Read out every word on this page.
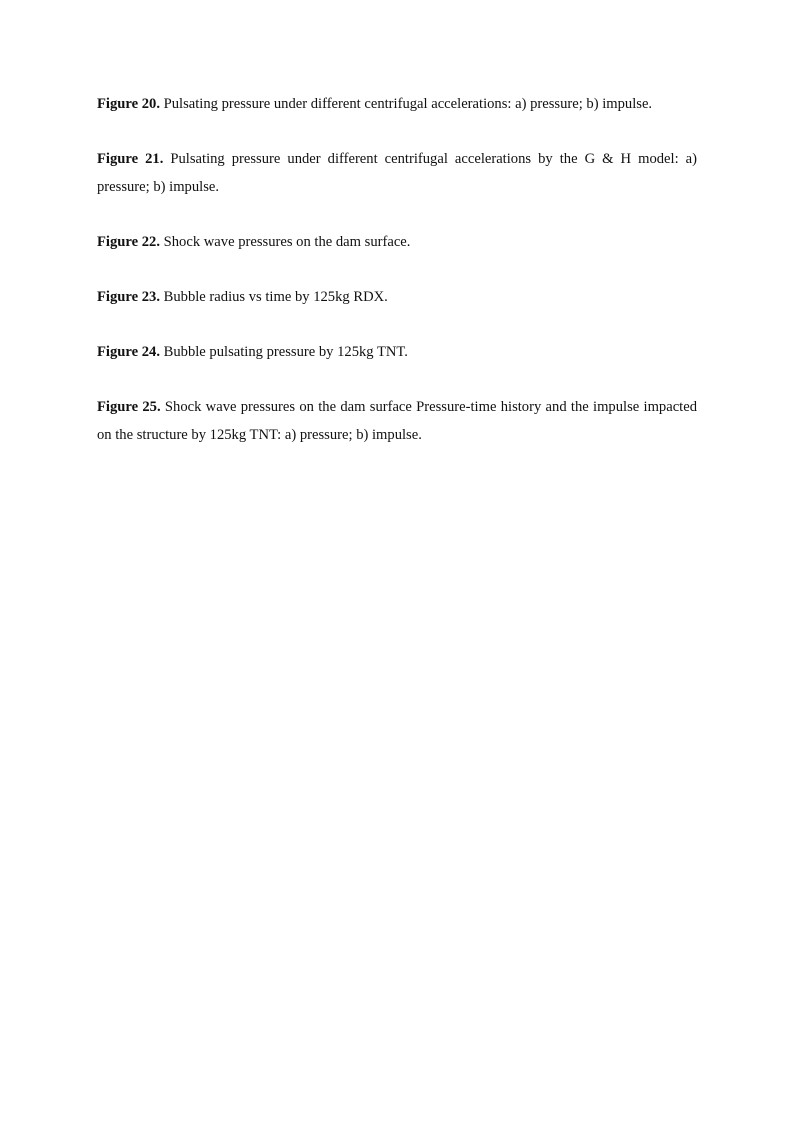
Figure 20. Pulsating pressure under different centrifugal accelerations: a) pressure; b) impulse.

Figure 21. Pulsating pressure under different centrifugal accelerations by the G & H model: a) pressure; b) impulse.

Figure 22. Shock wave pressures on the dam surface.

Figure 23. Bubble radius vs time by 125kg RDX.

Figure 24. Bubble pulsating pressure by 125kg TNT.

Figure 25. Shock wave pressures on the dam surface Pressure-time history and the impulse impacted on the structure by 125kg TNT: a) pressure; b) impulse.
